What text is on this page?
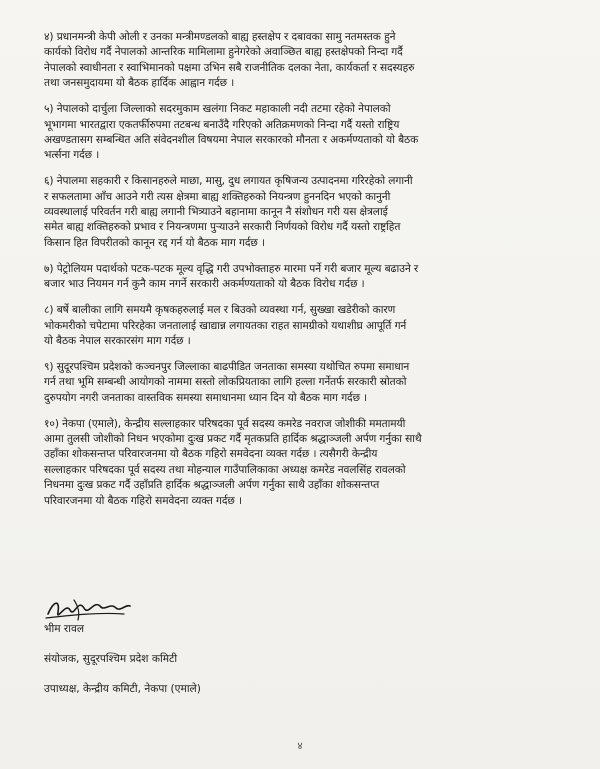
४) प्रधानमन्त्री केपी ओली र उनका मन्त्रीमण्डलको बाह्य हस्तक्षेप र दबावका सामु नतमस्तक हुने
कार्यको विरोध गर्दै नेपालको आन्तरिक मामिलामा हुनेगरेको अवाञ्छित बाह्य हस्तक्षेपको निन्दा गर्दै
नेपालको स्वाधीनता र स्वाभिमानको पक्षमा उभिन सबै राजनीतिक दलका नेता, कार्यकर्ता र सदस्यहरु
तथा जनसमुदायमा यो बैठक हार्दिक आह्वान गर्दछ ।
५) नेपालको दार्चुला जिल्लाको सदरमुकाम खलंगा निकट महाकाली नदी तटमा रहेको नेपालको
भूभागमा भारतद्वारा एकतर्फीरुपमा तटबन्ध बनाउँदै गरिएको अतिक्रमणको निन्दा गर्दै यस्तो राष्ट्रिय
अखण्डतासग सम्बन्धित अति संवेदनशील विषयमा नेपाल सरकारको मौनता र अकर्मण्यताको यो बैठक
भर्त्सना गर्दछ ।
६) नेपालमा सहकारी र किसानहरुले माछा, मासु, दुध लगायत कृषिजन्य उत्पादनमा गरिरहेको लगानी
र सफलतामा आँच आउने गरी त्यस क्षेत्रमा बाह्य शक्तिहरुको नियन्त्रण हुननदिन भएको कानुनी
व्यवस्थालाई परिवर्तन गरी बाह्य लगानी भित्र्याउने बहानामा कानून नै संशोधन गरी यस क्षेत्रलाई
समेत बाह्य शक्तिहरुको प्रभाव र नियन्त्रणमा पुर्‍याउने सरकारी निर्णयको विरोध गर्दै यस्तो राष्ट्रहित
किसान हित विपरीतको कानून रद्द गर्न यो बैठक माग गर्दछ ।
७) पेट्रोलियम पदार्थको पटक-पटक मूल्य वृद्धि गरी उपभोक्ताहरु मारमा पर्ने गरी बजार मूल्य बढाउने र
बजार भाउ नियमन गर्न कुनै काम नगर्ने सरकारी अकर्मण्यताको यो बैठक विरोध गर्दछ ।
८) बर्षे बालीका लागि समयमै कृषकहरुलाई मल र बिउको व्यवस्था गर्न, सुख्खा खडेरीको कारण
भोकमरीको चपेटामा परिरहेका जनतालाई खाद्यान्न लगायतका राहत सामग्रीको यथाशीघ्र आपूर्ति गर्न
यो बैठक नेपाल सरकारसंग माग गर्दछ ।
९) सुदूरपश्चिम प्रदेशको कञ्चनपुर जिल्लाका बाढपीडित जनताका समस्या यथोचित रुपमा समाधान
गर्न तथा भूमि सम्बन्धी आयोगको नाममा सस्तो लोकप्रियताका लागि हल्ला गर्नेतर्फ सरकारी स्रोतको
दुरुपयोग नगरी जनताका वास्तविक समस्या समाधानमा ध्यान दिन यो बैठक माग गर्दछ ।
१०) नेकपा (एमाले), केन्द्रीय सल्लाहकार परिषदका पूर्व सदस्य कमरेड नवराज जोशीकी ममतामयी
आमा तुलसी जोशीको निधन भएकोमा दुःख प्रकट गर्दै मृतकप्रति हार्दिक श्रद्धाञ्जली अर्पण गर्नुका साथै
उहाँका शोकसन्तप्त परिवारजनमा यो बैठक गहिरो समवेदना व्यक्त गर्दछ । त्यसैगरी केन्द्रीय
सल्लाहकार परिषदका पूर्व सदस्य तथा मोहन्याल गाउँपालिकाका अध्यक्ष कमरेड नवलसिंह रावलको
निधनमा दुःख प्रकट गर्दै उहाँप्रति हार्दिक श्रद्धाञ्जली अर्पण गर्नुका साथै उहाँका शोकसन्तप्त
परिवारजनमा यो बैठक गहिरो समवेदना व्यक्त गर्दछ ।
भीम रावल
संयोजक, सुदूरपश्चिम प्रदेश कमिटी
उपाध्यक्ष, केन्द्रीय कमिटी, नेकपा (एमाले)
४
